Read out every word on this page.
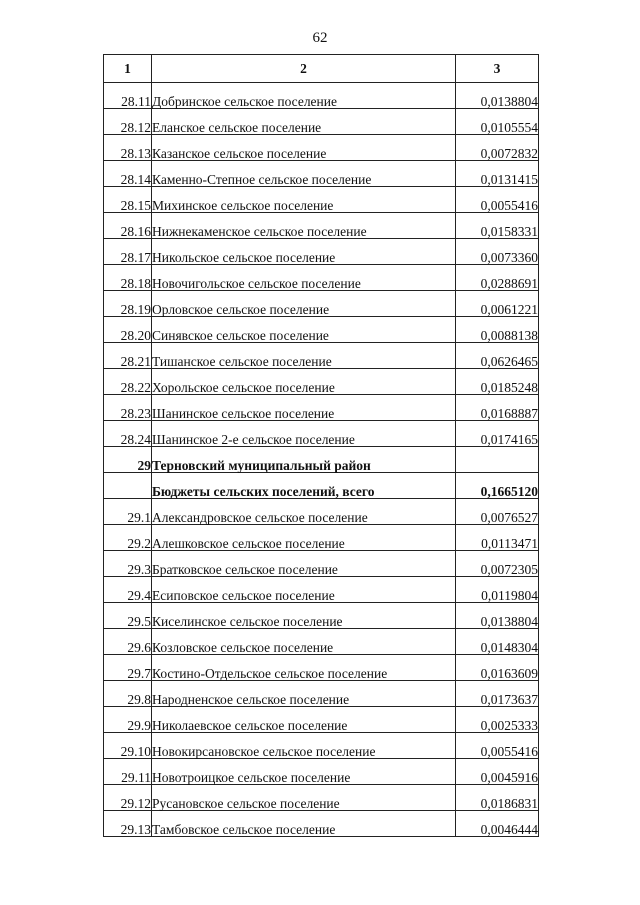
62
1	2	3
28.11	Добринское сельское поселение	0,0138804
28.12	Еланское сельское поселение	0,0105554
28.13	Казанское сельское поселение	0,0072832
28.14	Каменно-Степное сельское поселение	0,0131415
28.15	Михинское сельское поселение	0,0055416
28.16	Нижнекаменское сельское поселение	0,0158331
28.17	Никольское сельское поселение	0,0073360
28.18	Новочигольское сельское поселение	0,0288691
28.19	Орловское сельское поселение	0,0061221
28.20	Синявское сельское поселение	0,0088138
28.21	Тишанское сельское поселение	0,0626465
28.22	Хорольское сельское поселение	0,0185248
28.23	Шанинское сельское поселение	0,0168887
28.24	Шанинское 2-е сельское поселение	0,0174165
29	Терновский муниципальный район	
	Бюджеты сельских поселений, всего	0,1665120
29.1	Александровское сельское поселение	0,0076527
29.2	Алешковское сельское поселение	0,0113471
29.3	Братковское сельское поселение	0,0072305
29.4	Есиповское сельское поселение	0,0119804
29.5	Киселинское сельское поселение	0,0138804
29.6	Козловское сельское поселение	0,0148304
29.7	Костино-Отдельское сельское поселение	0,0163609
29.8	Народненское сельское поселение	0,0173637
29.9	Николаевское сельское поселение	0,0025333
29.10	Новокирсановское сельское поселение	0,0055416
29.11	Новотроицкое сельское поселение	0,0045916
29.12	Русановское сельское поселение	0,0186831
29.13	Тамбовское сельское поселение	0,0046444
